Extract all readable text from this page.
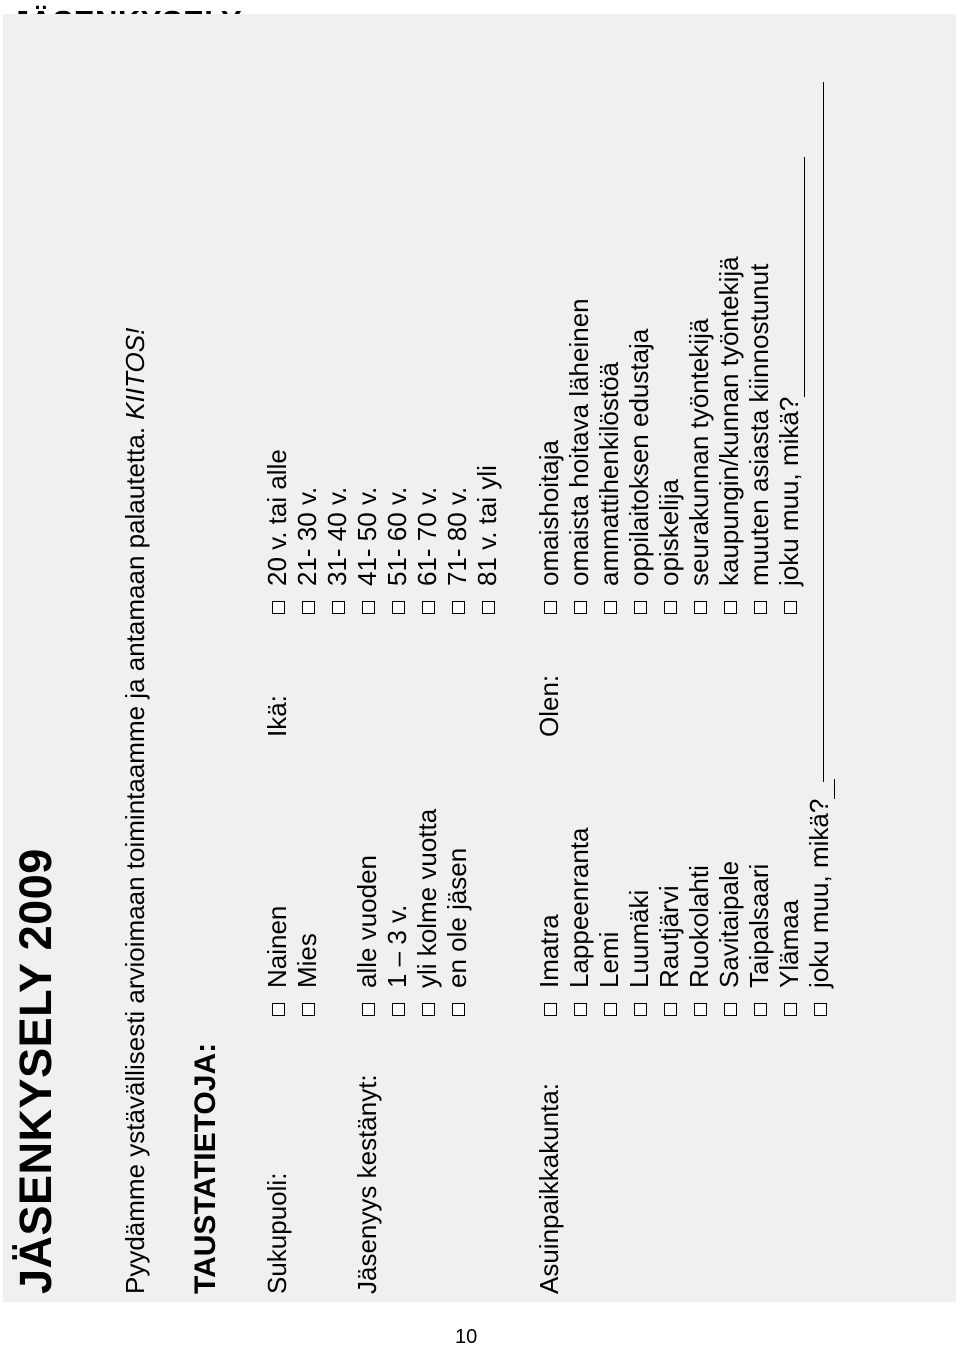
JÄSENKYSELY 2009 Pyydämme ystävällisesti arvioimaan toimintaamme ja antamaan palautetta. KIITOS!
TAUSTATIETOJA: Sukupuoli:
Nainen Mies
Ikä:
20 v. tai alle 21- 30 v. 31- 40 v. 41- 50 v. 51- 60 v. 61- 70 v. 71- 80 v. 81 v. tai yli
Jäsenyys kestänyt:
alle vuoden 1 – 3 v. yli kolme vuotta en ole jäsen
Asuinpaikkakunta:
Imatra Lappeenranta Lemi Luumäki Rautjärvi Ruokolahti Savitaipale Taipalsaari Ylämaa joku muu, mikä?
Olen:
omaishoitaja omaista hoitava läheinen ammattihenkilöstöä oppilaitoksen edustaja opiskelija seurakunnan työntekijä kaupungin/kunnan työntekijä muuten asiasta kiinnostunut joku muu, mikä?
10
